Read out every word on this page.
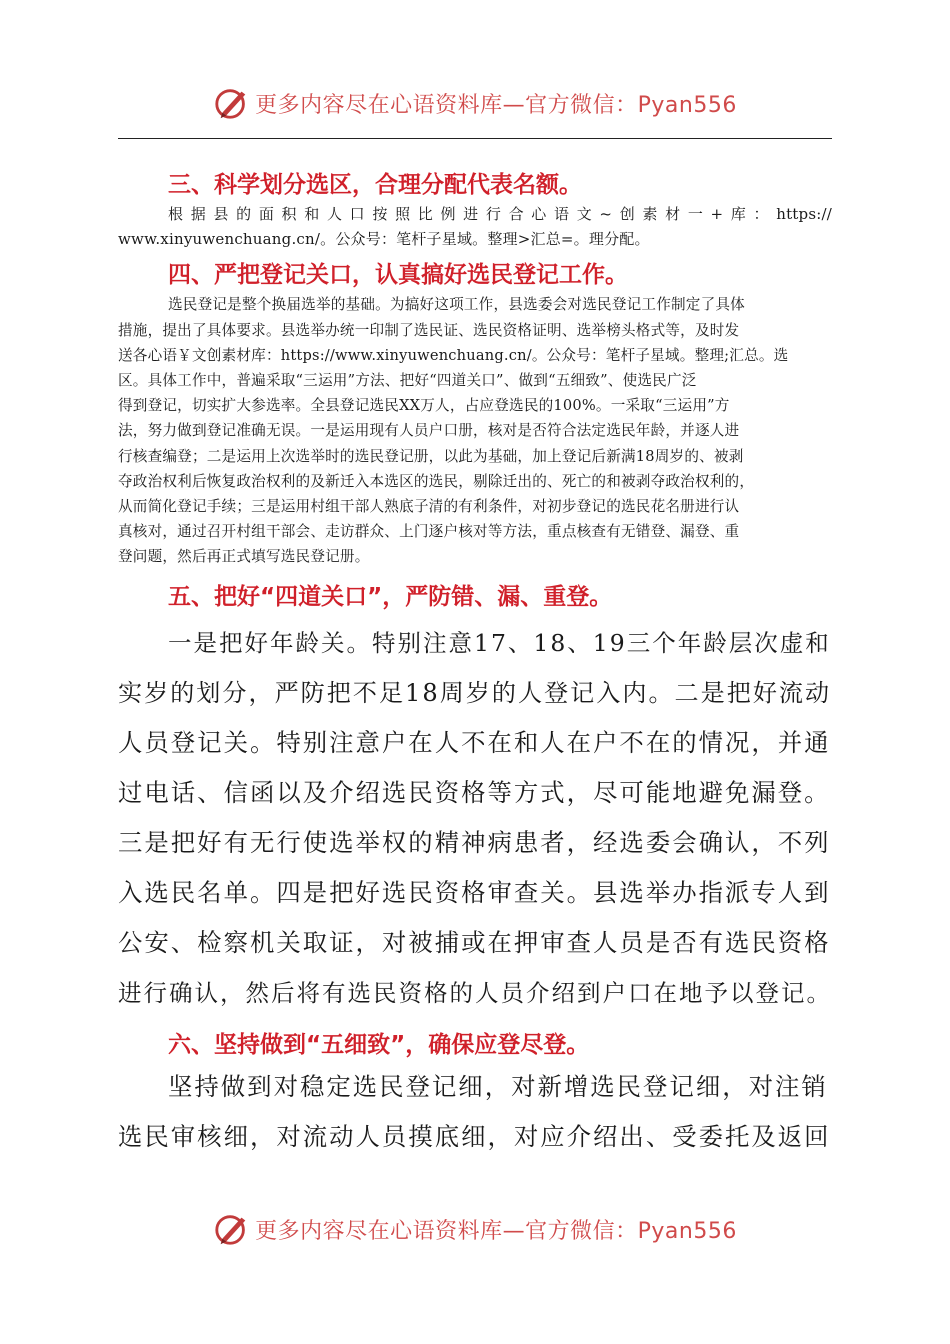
更多内容尽在心语资料库—官方微信：Pyan556
三、科学划分选区，合理分配代表名额。
根据县的面积和人口按照比例进行合心语文~创素材一+库：https://
www.xinyuwenchuang.cn/。公众号：笔杆子星域。整理>汇总=。理分配。
四、严把登记关口，认真搞好选民登记工作。
选民登记是整个换届选举的基础。为搞好这项工作，县选委会对选民登记工作制定了具体
措施，提出了具体要求。县选举办统一印制了选民证、选民资格证明、选举榜头格式等，及时发
送各心语￥文创素材库：https://www.xinyuwenchuang.cn/。公众号：笔杆子星域。整理;汇总。选
区。具体工作中，普遍采取“三运用”方法、把好“四道关口”、做到“五细致”、使选民广泛
得到登记，切实扩大参选率。全县登记选民XX万人，占应登选民的100%。一采取“三运用”方
法，努力做到登记准确无误。一是运用现有人员户口册，核对是否符合法定选民年龄，并逐人进
行核查编登；二是运用上次选举时的选民登记册，以此为基础，加上登记后新满18周岁的、被剥
夺政治权利后恢复政治权利的及新迁入本选区的选民，剔除迁出的、死亡的和被剥夺政治权利的，
从而简化登记手续；三是运用村组干部人熟底子清的有利条件，对初步登记的选民花名册进行认
真核对，通过召开村组干部会、走访群众、上门逐户核对等方法，重点核查有无错登、漏登、重
登问题，然后再正式填写选民登记册。
五、把好“四道关口”，严防错、漏、重登。
一是把好年龄关。特别注意17、18、19三个年龄层次虚和
实岁的划分，严防把不足18周岁的人登记入内。二是把好流动
人员登记关。特别注意户在人不在和人在户不在的情况，并通
过电话、信函以及介绍选民资格等方式，尽可能地避免漏登。
三是把好有无行使选举权的精神病患者，经选委会确认，不列
入选民名单。四是把好选民资格审查关。县选举办指派专人到
公安、检察机关取证，对被捕或在押审查人员是否有选民资格
进行确认，然后将有选民资格的人员介绍到户口在地予以登记。
六、坚持做到“五细致”，确保应登尽登。
坚持做到对稳定选民登记细，对新增选民登记细，对注销
选民审核细，对流动人员摸底细，对应介绍出、受委托及返回
更多内容尽在心语资料库—官方微信：Pyan556
